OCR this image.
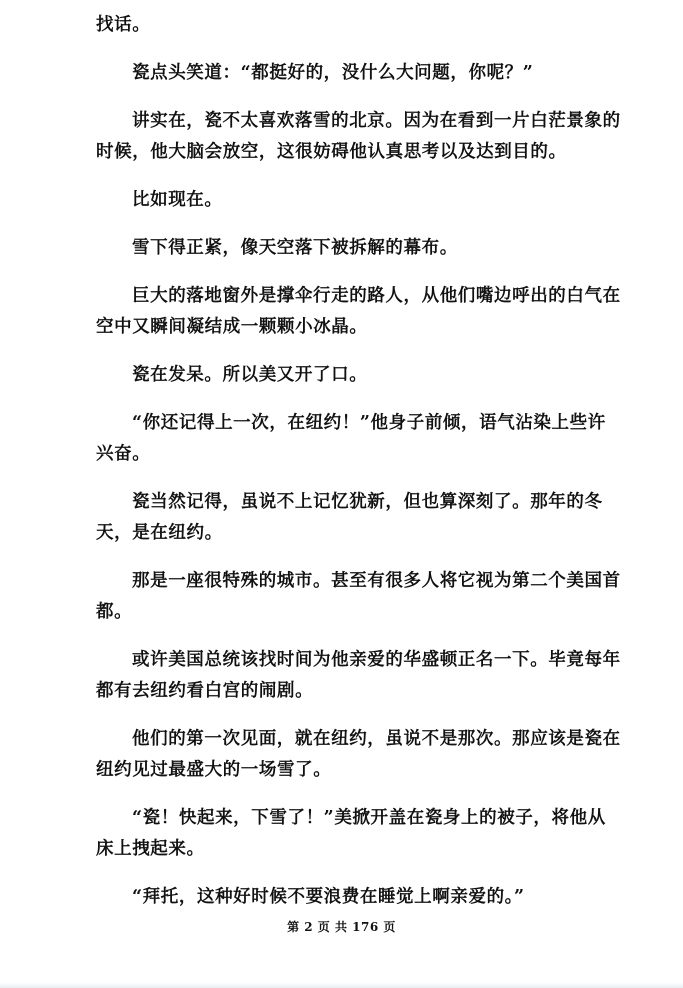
找话。

瓷点头笑道：“都挺好的，没什么大问题，你呢？”

讲实在，瓷不太喜欢落雪的北京。因为在看到一片白茫景象的时候，他大脑会放空，这很妨碍他认真思考以及达到目的。

比如现在。

雪下得正紧，像天空落下被拆解的幕布。

巨大的落地窗外是撑伞行走的路人，从他们嘴边呼出的白气在空中又瞬间凝结成一颗颗小冰晶。

瓷在发呆。所以美又开了口。

“你还记得上一次，在纽约！”他身子前倾，语气沾染上些许兴奋。

瓷当然记得，虽说不上记忆犹新，但也算深刻了。那年的冬天，是在纽约。

那是一座很特殊的城市。甚至有很多人将它视为第二个美国首都。

或许美国总统该找时间为他亲爱的华盛顿正名一下。毕竟每年都有去纽约看白宫的闹剧。

他们的第一次见面，就在纽约，虽说不是那次。那应该是瓷在纽约见过最盛大的一场雪了。

“瓷！快起来，下雪了！”美掀开盖在瓷身上的被子，将他从床上拽起来。

“拜托，这种好时候不要浪费在睡觉上啊亲爱的。”

第 2 页 共 176 页
